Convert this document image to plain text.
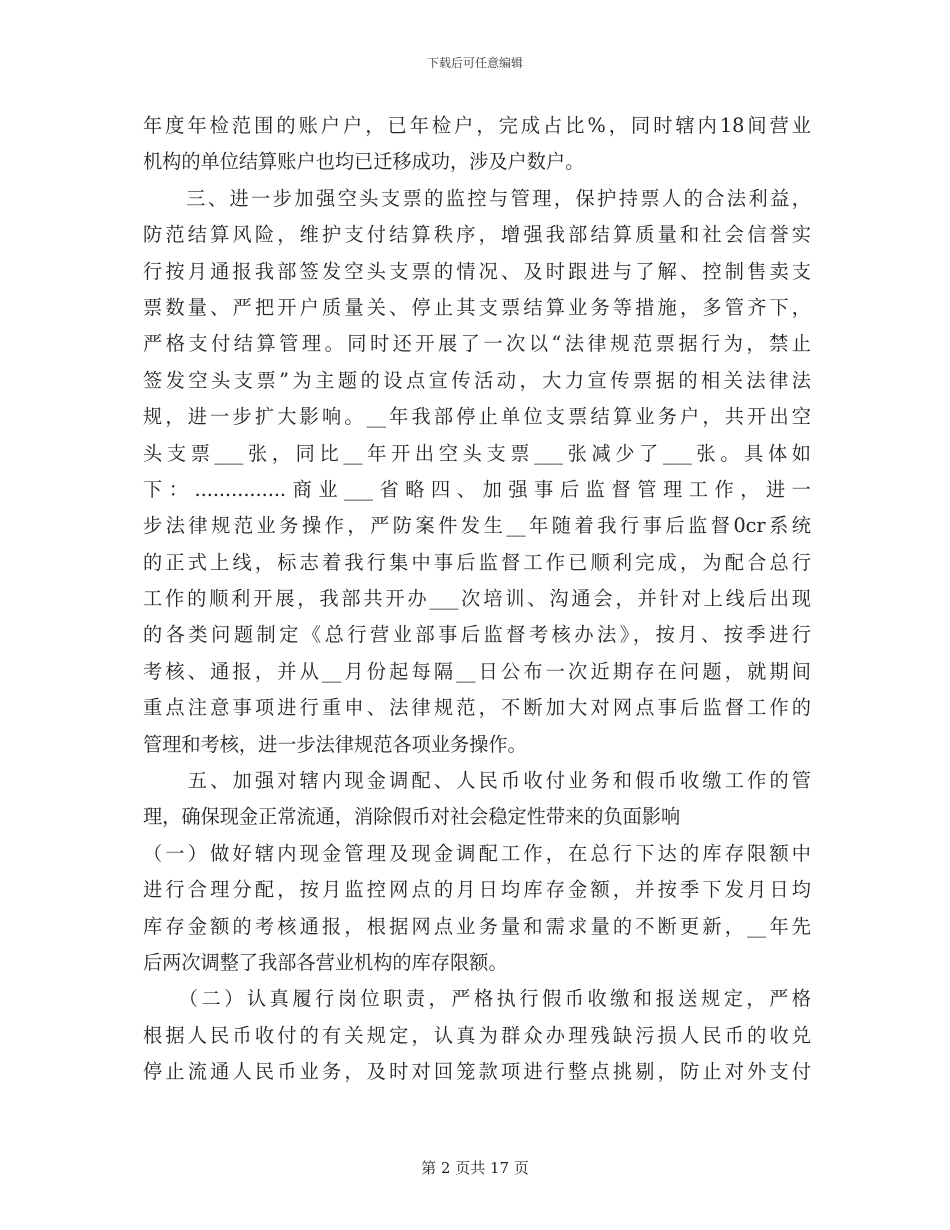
下载后可任意编辑
年度年检范围的账户户，已年检户，完成占比%，同时辖内18间营业
机构的单位结算账户也均已迁移成功，涉及户数户。
　　三、进一步加强空头支票的监控与管理，保护持票人的合法利益，
防范结算风险，维护支付结算秩序，增强我部结算质量和社会信誉实
行按月通报我部签发空头支票的情况、及时跟进与了解、控制售卖支
票数量、严把开户质量关、停止其支票结算业务等措施，多管齐下，
严格支付结算管理。同时还开展了一次以“法律规范票据行为，禁止
签发空头支票”为主题的设点宣传活动，大力宣传票据的相关法律法
规，进一步扩大影响。__年我部停止单位支票结算业务户，共开出空
头支票___张，同比__年开出空头支票___张减少了___张。具体如
下：...............商业___省略四、加强事后监督管理工作，进一
步法律规范业务操作，严防案件发生__年随着我行事后监督0cr系统
的正式上线，标志着我行集中事后监督工作已顺利完成，为配合总行
工作的顺利开展，我部共开办___次培训、沟通会，并针对上线后出现
的各类问题制定《总行营业部事后监督考核办法》，按月、按季进行
考核、通报，并从__月份起每隔__日公布一次近期存在问题，就期间
重点注意事项进行重申、法律规范，不断加大对网点事后监督工作的
管理和考核，进一步法律规范各项业务操作。
　　五、加强对辖内现金调配、人民币收付业务和假币收缴工作的管
理，确保现金正常流通，消除假币对社会稳定性带来的负面影响
（一）做好辖内现金管理及现金调配工作，在总行下达的库存限额中
进行合理分配，按月监控网点的月日均库存金额，并按季下发月日均
库存金额的考核通报，根据网点业务量和需求量的不断更新，__年先
后两次调整了我部各营业机构的库存限额。
　　（二）认真履行岗位职责，严格执行假币收缴和报送规定，严格
根据人民币收付的有关规定，认真为群众办理残缺污损人民币的收兑
停止流通人民币业务，及时对回笼款项进行整点挑剔，防止对外支付
第 2 页共 17 页
